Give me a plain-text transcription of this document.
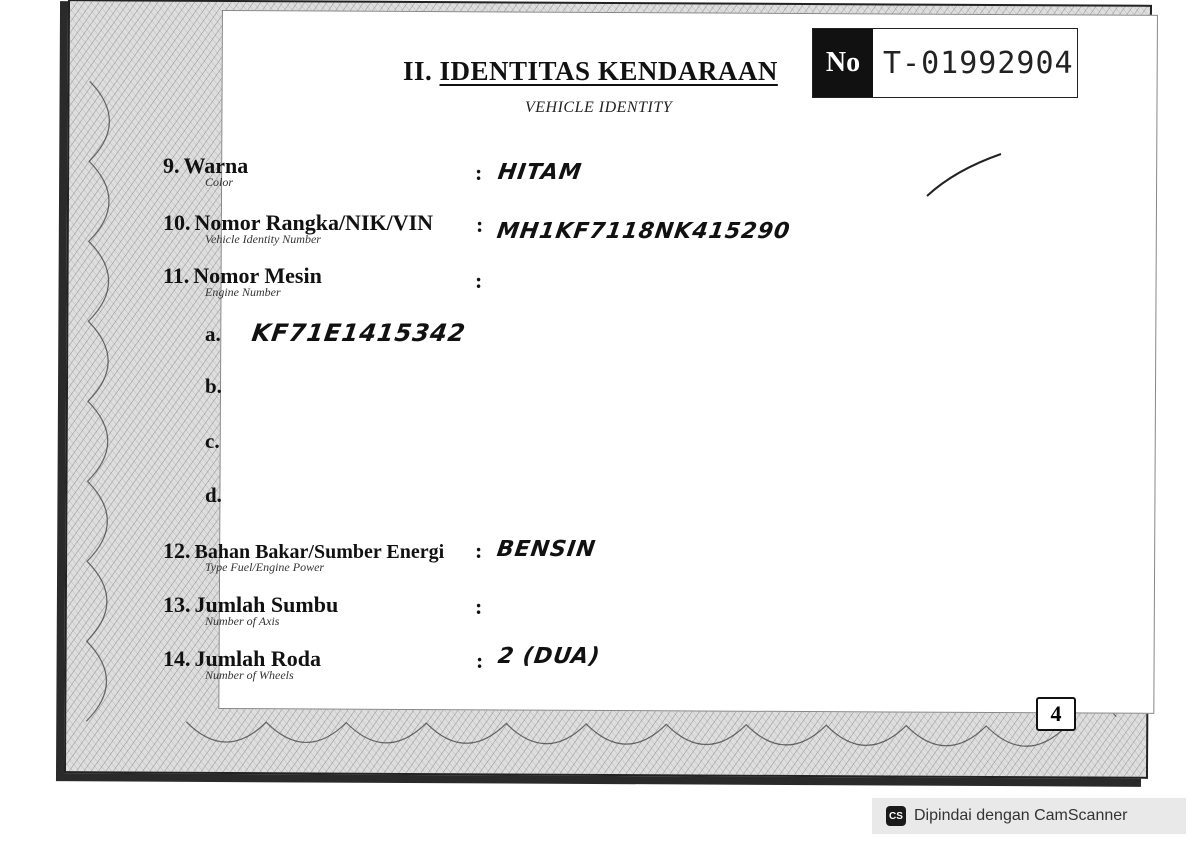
II. IDENTITAS KENDARAAN
VEHICLE IDENTITY
No T-01992904
9. Warna
Color	: HITAM
10. Nomor Rangka/NIK/VIN
Vehicle Identity Number
: MH1KF7118NK415290
11. Nomor Mesin
Engine Number	:
a. KF71E1415342
b.
c.
d.
12. Bahan Bakar/Sumber Energi
Type Fuel/Engine Power
: BENSIN
13. Jumlah Sumbu
Number of Axis
:
14. Jumlah Roda
Number of Wheels
: 2 (DUA)
4
CS Dipindai dengan CamScanner
